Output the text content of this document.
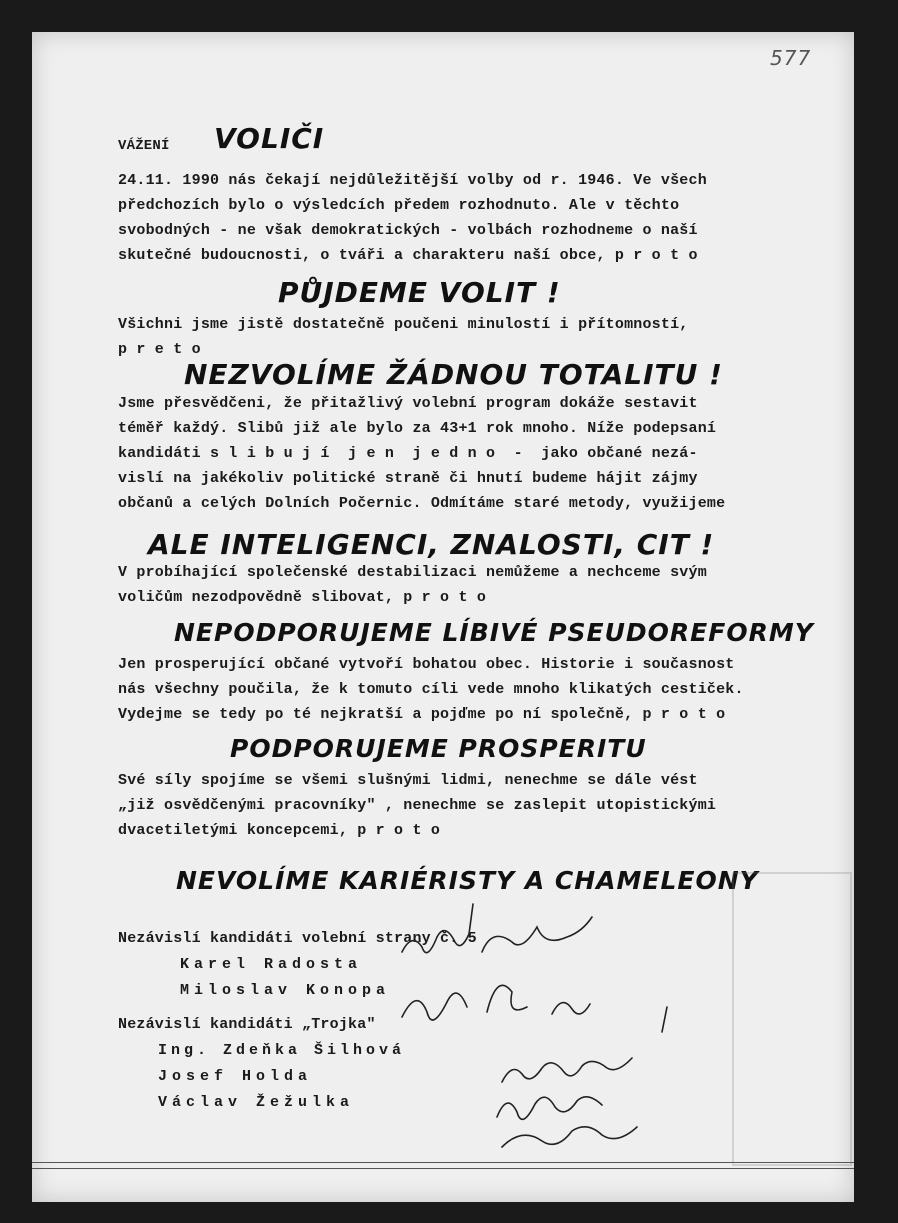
577
VÁŽENÍ VOLIČI
24.11. 1990 nás čekají nejdůležitější volby od r. 1946. Ve všech
předchozích bylo o výsledcích předem rozhodnuto. Ale v těchto
svobodných - ne však demokratických - volbách rozhodneme o naší
skutečné budoucnosti, o tváři a charakteru naší obce, p r o t o
PŮJDEME VOLIT !
Všichni jsme jistě dostatečně poučeni minulostí i přítomností,
p r e t o
NEZVOLÍME ŽÁDNOU TOTALITU !
Jsme přesvědčeni, že přitažlivý volební program dokáže sestavit
téměř každý. Slibů již ale bylo za 43+1 rok mnoho. Níže podepsaní
kandidáti s l i b u j í  j e n  j e d n o  -  jako občané nezá-
vislí na jakékoliv politické straně či hnutí budeme hájit zájmy
občanů a celých Dolních Počernic. Odmítáme staré metody, využijeme
ALE INTELIGENCI, ZNALOSTI, CIT !
V probíhající společenské destabilizaci nemůžeme a nechceme svým
voličům nezodpovědně slibovat, p r o t o
NEPODPORUJEME LÍBIVÉ PSEUDOREFORMY
Jen prosperující občané vytvoří bohatou obec. Historie i současnost
nás všechny poučila, že k tomuto cíli vede mnoho klikatých cestiček.
Vydejme se tedy po té nejkratší a pojďme po ní společně, p r o t o
PODPORUJEME PROSPERITU
Své síly spojíme se všemi slušnými lidmi, nenechme se dále vést
„již osvědčenými pracovníky" , nenechme se zaslepit utopistickými
dvacetiletými koncepcemi, p r o t o
NEVOLÍME KARIÉRISTY A CHAMELEONY
Nezávislí kandidáti volební strany č. 5
Karel Radosta
Miloslav Konopa
Nezávislí kandidáti „Trojka"
Ing. Zdeňka Šilhová
Josef Holda
Václav Žežulka
